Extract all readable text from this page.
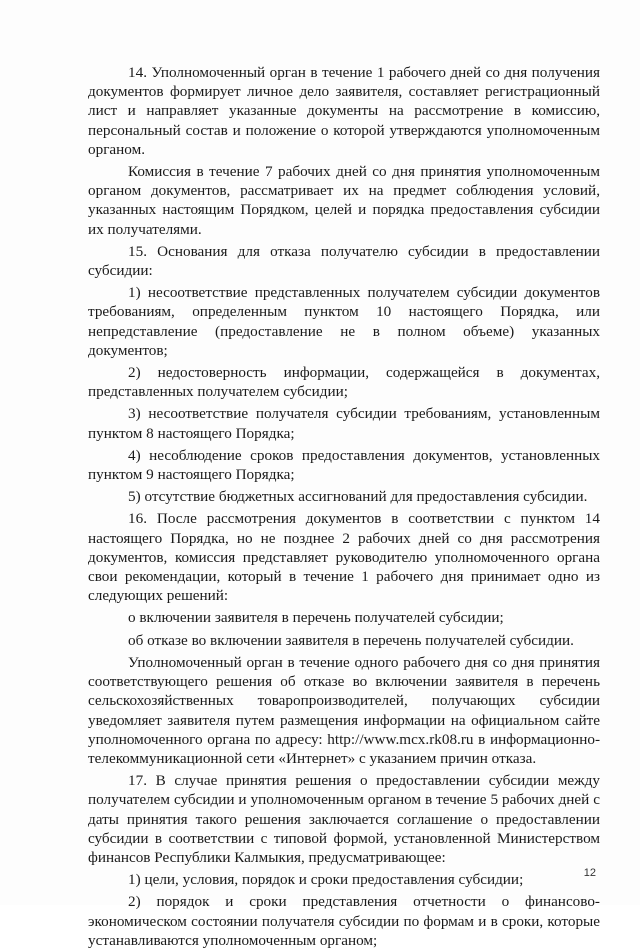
14. Уполномоченный орган в течение 1 рабочего дней со дня получения документов формирует личное дело заявителя, составляет регистрационный лист и направляет указанные документы на рассмотрение в комиссию, персональный состав и положение о которой утверждаются уполномоченным органом.

Комиссия в течение 7 рабочих дней со дня принятия уполномоченным органом документов, рассматривает их на предмет соблюдения условий, указанных настоящим Порядком, целей и порядка предоставления субсидии их получателями.

15. Основания для отказа получателю субсидии в предоставлении субсидии:

1) несоответствие представленных получателем субсидии документов требованиям, определенным пунктом 10 настоящего Порядка, или непредставление (предоставление не в полном объеме) указанных документов;

2) недостоверность информации, содержащейся в документах, представленных получателем субсидии;

3) несоответствие получателя субсидии требованиям, установленным пунктом 8 настоящего Порядка;

4) несоблюдение сроков предоставления документов, установленных пунктом 9 настоящего Порядка;

5) отсутствие бюджетных ассигнований для предоставления субсидии.

16. После рассмотрения документов в соответствии с пунктом 14 настоящего Порядка, но не позднее 2 рабочих дней со дня рассмотрения документов, комиссия представляет руководителю уполномоченного органа свои рекомендации, который в течение 1 рабочего дня принимает одно из следующих решений:

о включении заявителя в перечень получателей субсидии;

об отказе во включении заявителя в перечень получателей субсидии.

Уполномоченный орган в течение одного рабочего дня со дня принятия соответствующего решения об отказе во включении заявителя в перечень сельскохозяйственных товаропроизводителей, получающих субсидии уведомляет заявителя путем размещения информации на официальном сайте уполномоченного органа по адресу: http://www.mcx.rk08.ru в информационно-телекоммуникационной сети «Интернет» с указанием причин отказа.

17. В случае принятия решения о предоставлении субсидии между получателем субсидии и уполномоченным органом в течение 5 рабочих дней с даты принятия такого решения заключается соглашение о предоставлении субсидии в соответствии с типовой формой, установленной Министерством финансов Республики Калмыкия, предусматривающее:

1) цели, условия, порядок и сроки предоставления субсидии;

2) порядок и сроки представления отчетности о финансово-экономическом состоянии получателя субсидии по формам и в сроки, которые устанавливаются уполномоченным органом;

12
